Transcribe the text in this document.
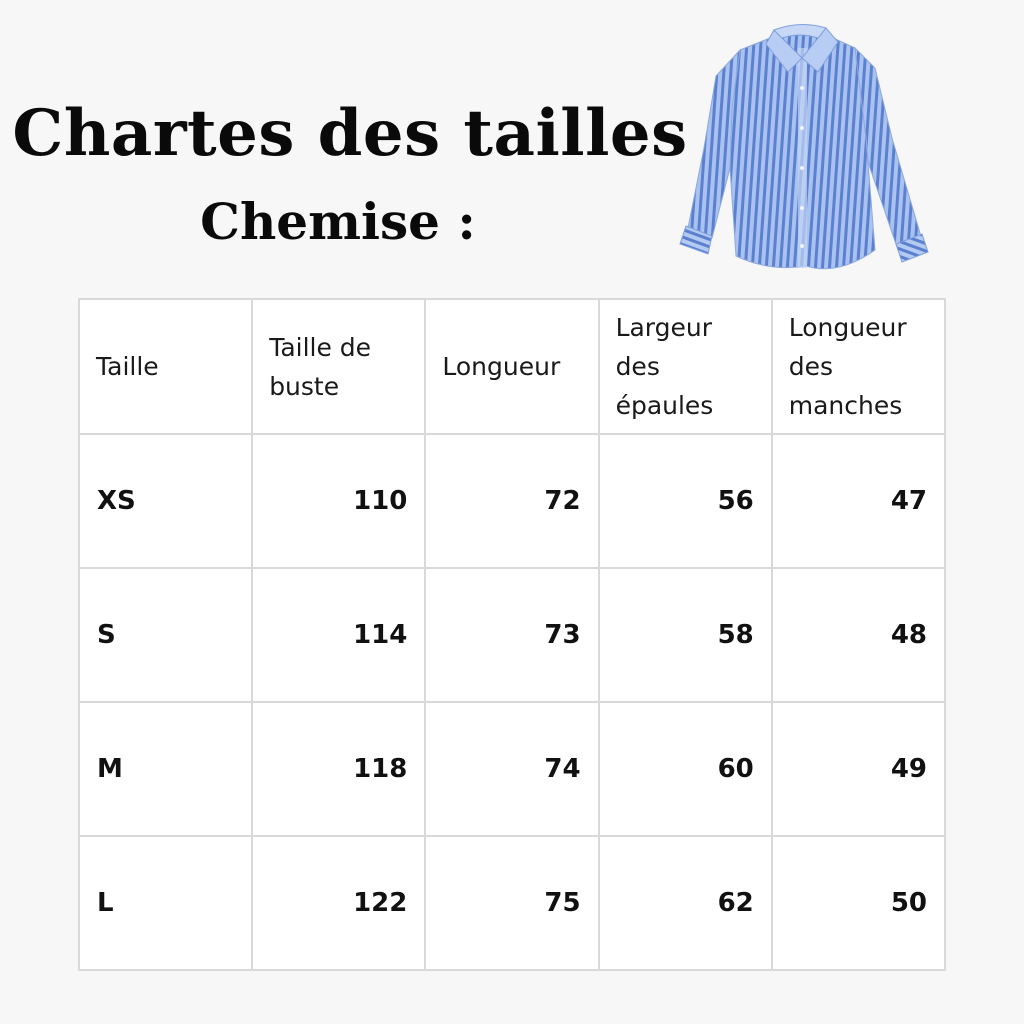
Chartes des tailles
Chemise :
Taille	Taille de buste	Longueur	Largeur des épaules	Longueur des manches
XS	110	72	56	47
S	114	73	58	48
M	118	74	60	49
L	122	75	62	50
